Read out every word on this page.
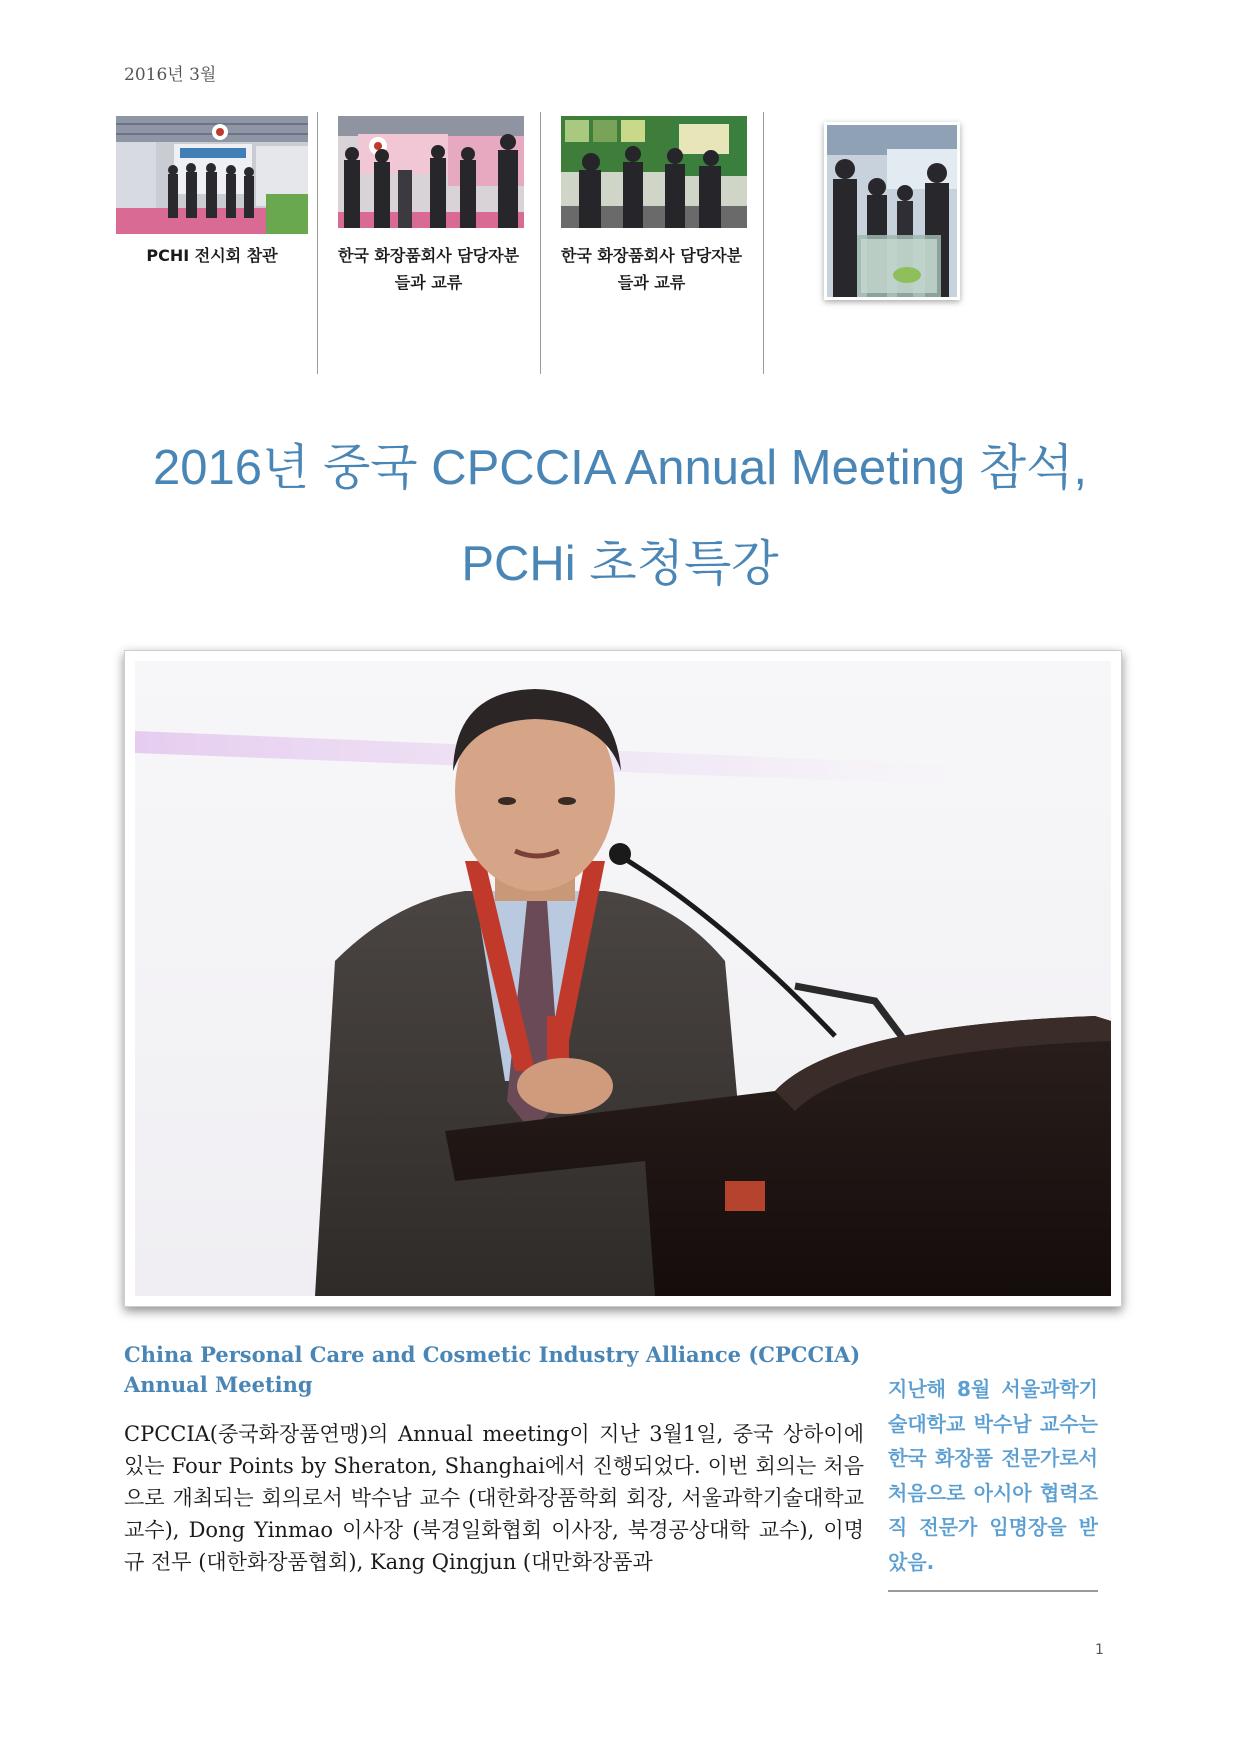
2016년 3월
PCHI 전시회 참관	한국 화장품회사 담당자분
들과 교류
한국 화장품회사 담당자분
들과 교류
2016년 중국 CPCCIA Annual Meeting 참석,
PCHi 초청특강
China Personal Care and Cosmetic Industry Alliance (CPCCIA) Annual Meeting
CPCCIA(중국화장품연맹)의 Annual meeting이 지난 3월1일, 중국 상하이에 있는 Four Points by Sheraton, Shanghai에서 진행되었다. 이번 회의는 처음으로 개최되는 회의로서 박수남 교수 (대한화장품학회 회장, 서울과학기술대학교 교수), Dong Yinmao 이사장 (북경일화협회 이사장, 북경공상대학 교수), 이명규 전무 (대한화장품협회), Kang Qingjun (대만화장품과
지난해 8월 서울과학기술대학교 박수남 교수는 한국 화장품 전문가로서 처음으로 아시아 협력조직 전문가 임명장을 받았음.
1
